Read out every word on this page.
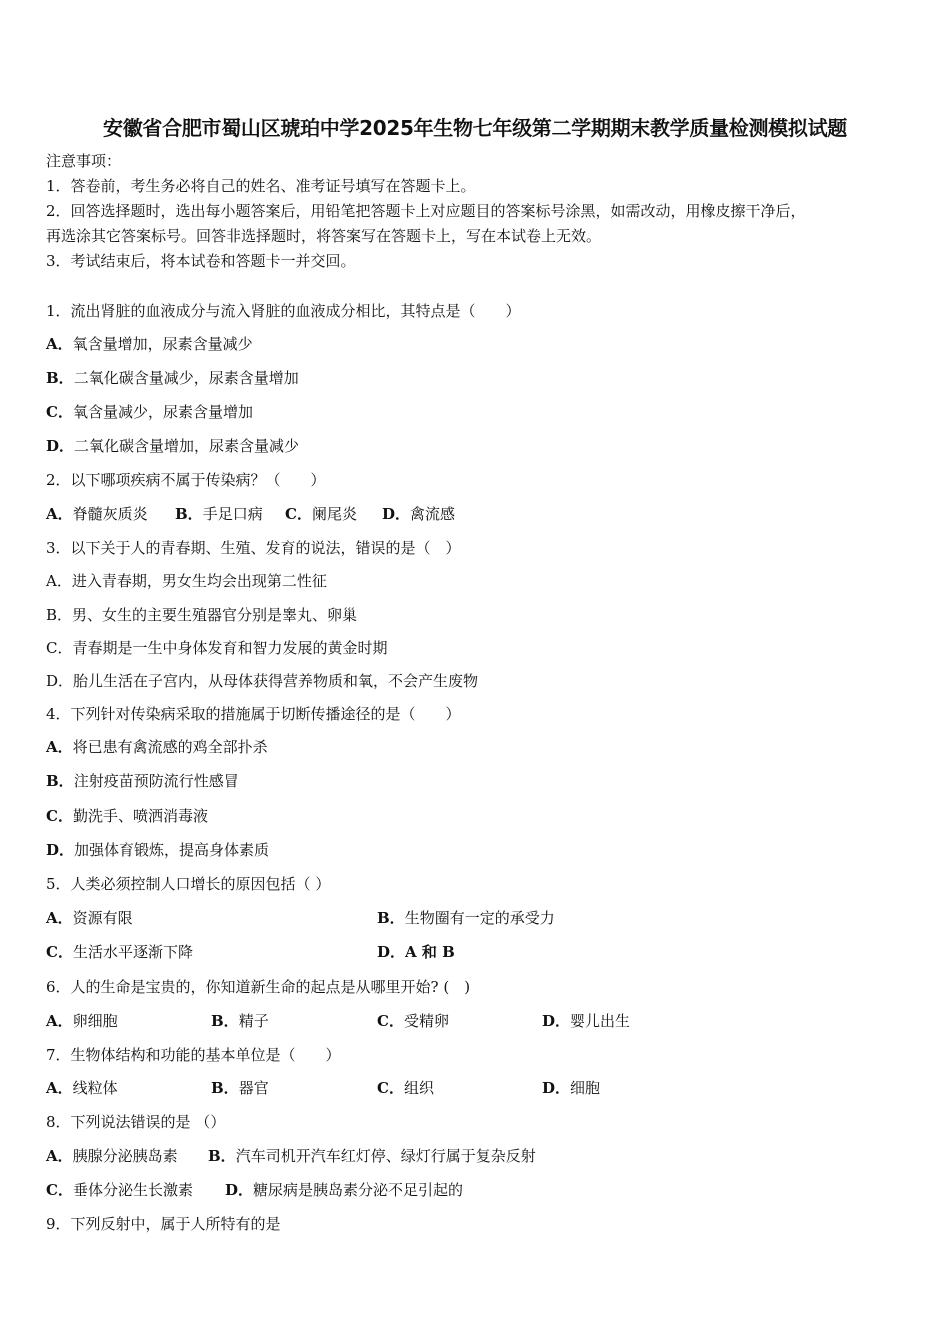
安徽省合肥市蜀山区琥珀中学2025年生物七年级第二学期期末教学质量检测模拟试题
注意事项：
1．答卷前，考生务必将自己的姓名、准考证号填写在答题卡上。
2．回答选择题时，选出每小题答案后，用铅笔把答题卡上对应题目的答案标号涂黑，如需改动，用橡皮擦干净后，
再选涂其它答案标号。回答非选择题时，将答案写在答题卡上，写在本试卷上无效。
3．考试结束后，将本试卷和答题卡一并交回。
1．流出肾脏的血液成分与流入肾脏的血液成分相比，其特点是（　　）
A．氧含量增加，尿素含量减少
B．二氧化碳含量减少，尿素含量增加
C．氧含量减少，尿素含量增加
D．二氧化碳含量增加，尿素含量减少
2．以下哪项疾病不属于传染病？（　　）
A．脊髓灰质炎 B．手足口病 C．阑尾炎 D．禽流感
3．以下关于人的青春期、生殖、发育的说法，错误的是（　）
A．进入青春期，男女生均会出现第二性征
B．男、女生的主要生殖器官分别是睾丸、卵巢
C．青春期是一生中身体发育和智力发展的黄金时期
D．胎儿生活在子宫内，从母体获得营养物质和氧，不会产生废物
4．下列针对传染病采取的措施属于切断传播途径的是（　　）
A．将已患有禽流感的鸡全部扑杀
B．注射疫苗预防流行性感冒
C．勤洗手、喷洒消毒液
D．加强体育锻炼，提高身体素质
5．人类必须控制人口增长的原因包括（ ）
A．资源有限	B．生物圈有一定的承受力
C．生活水平逐渐下降	D．A 和 B
6．人的生命是宝贵的，你知道新生命的起点是从哪里开始? (　)
A．卵细胞	B．精子	C．受精卵	D．婴儿出生
7．生物体结构和功能的基本单位是（　　）
A．线粒体	B．器官	C．组织	D．细胞
8．下列说法错误的是 （）
A．胰腺分泌胰岛素 B．汽车司机开汽车红灯停、绿灯行属于复杂反射
C．垂体分泌生长激素 D．糖尿病是胰岛素分泌不足引起的
9．下列反射中，属于人所特有的是
